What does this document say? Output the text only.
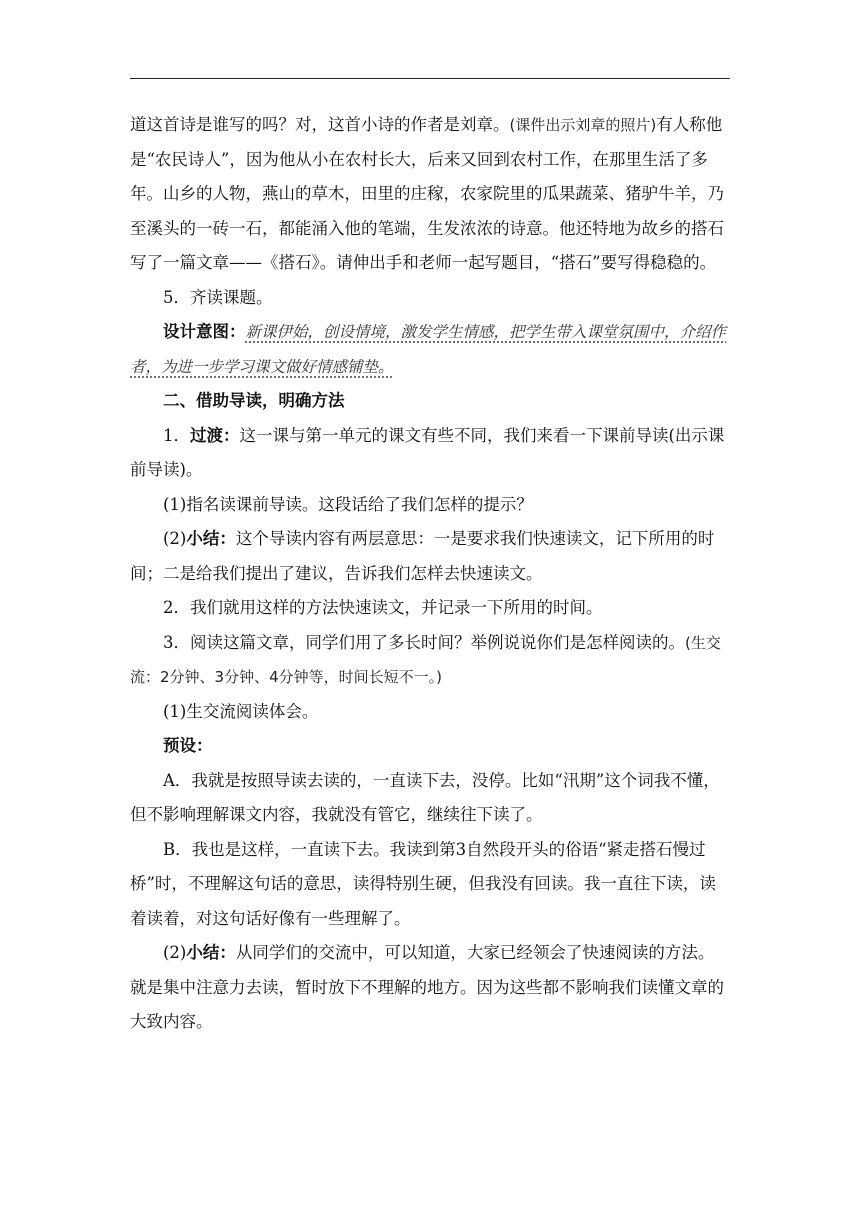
道这首诗是谁写的吗？对，这首小诗的作者是刘章。(课件出示刘章的照片)有人称他是“农民诗人”，因为他从小在农村长大，后来又回到农村工作，在那里生活了多年。山乡的人物，燕山的草木，田里的庄稼，农家院里的瓜果蔬菜、猪驴牛羊，乃至溪头的一砖一石，都能涌入他的笔端，生发浓浓的诗意。他还特地为故乡的搭石写了一篇文章——《搭石》。请伸出手和老师一起写题目，“搭石”要写得稳稳的。

5．齐读课题。

设计意图：新课伊始，创设情境，激发学生情感，把学生带入课堂氛围中，介绍作者，为进一步学习课文做好情感铺垫。

二、借助导读，明确方法

1．过渡：这一课与第一单元的课文有些不同，我们来看一下课前导读(出示课前导读)。

(1)指名读课前导读。这段话给了我们怎样的提示？

(2)小结：这个导读内容有两层意思：一是要求我们快速读文，记下所用的时间；二是给我们提出了建议，告诉我们怎样去快速读文。

2．我们就用这样的方法快速读文，并记录一下所用的时间。

3．阅读这篇文章，同学们用了多长时间？举例说说你们是怎样阅读的。(生交流：2分钟、3分钟、4分钟等，时间长短不一。)

(1)生交流阅读体会。

预设：

A．我就是按照导读去读的，一直读下去，没停。比如“汛期”这个词我不懂，但不影响理解课文内容，我就没有管它，继续往下读了。

B．我也是这样，一直读下去。我读到第3自然段开头的俗语“紧走搭石慢过桥”时，不理解这句话的意思，读得特别生硬，但我没有回读。我一直往下读，读着读着，对这句话好像有一些理解了。

(2)小结：从同学们的交流中，可以知道，大家已经领会了快速阅读的方法。就是集中注意力去读，暂时放下不理解的地方。因为这些都不影响我们读懂文章的大致内容。
